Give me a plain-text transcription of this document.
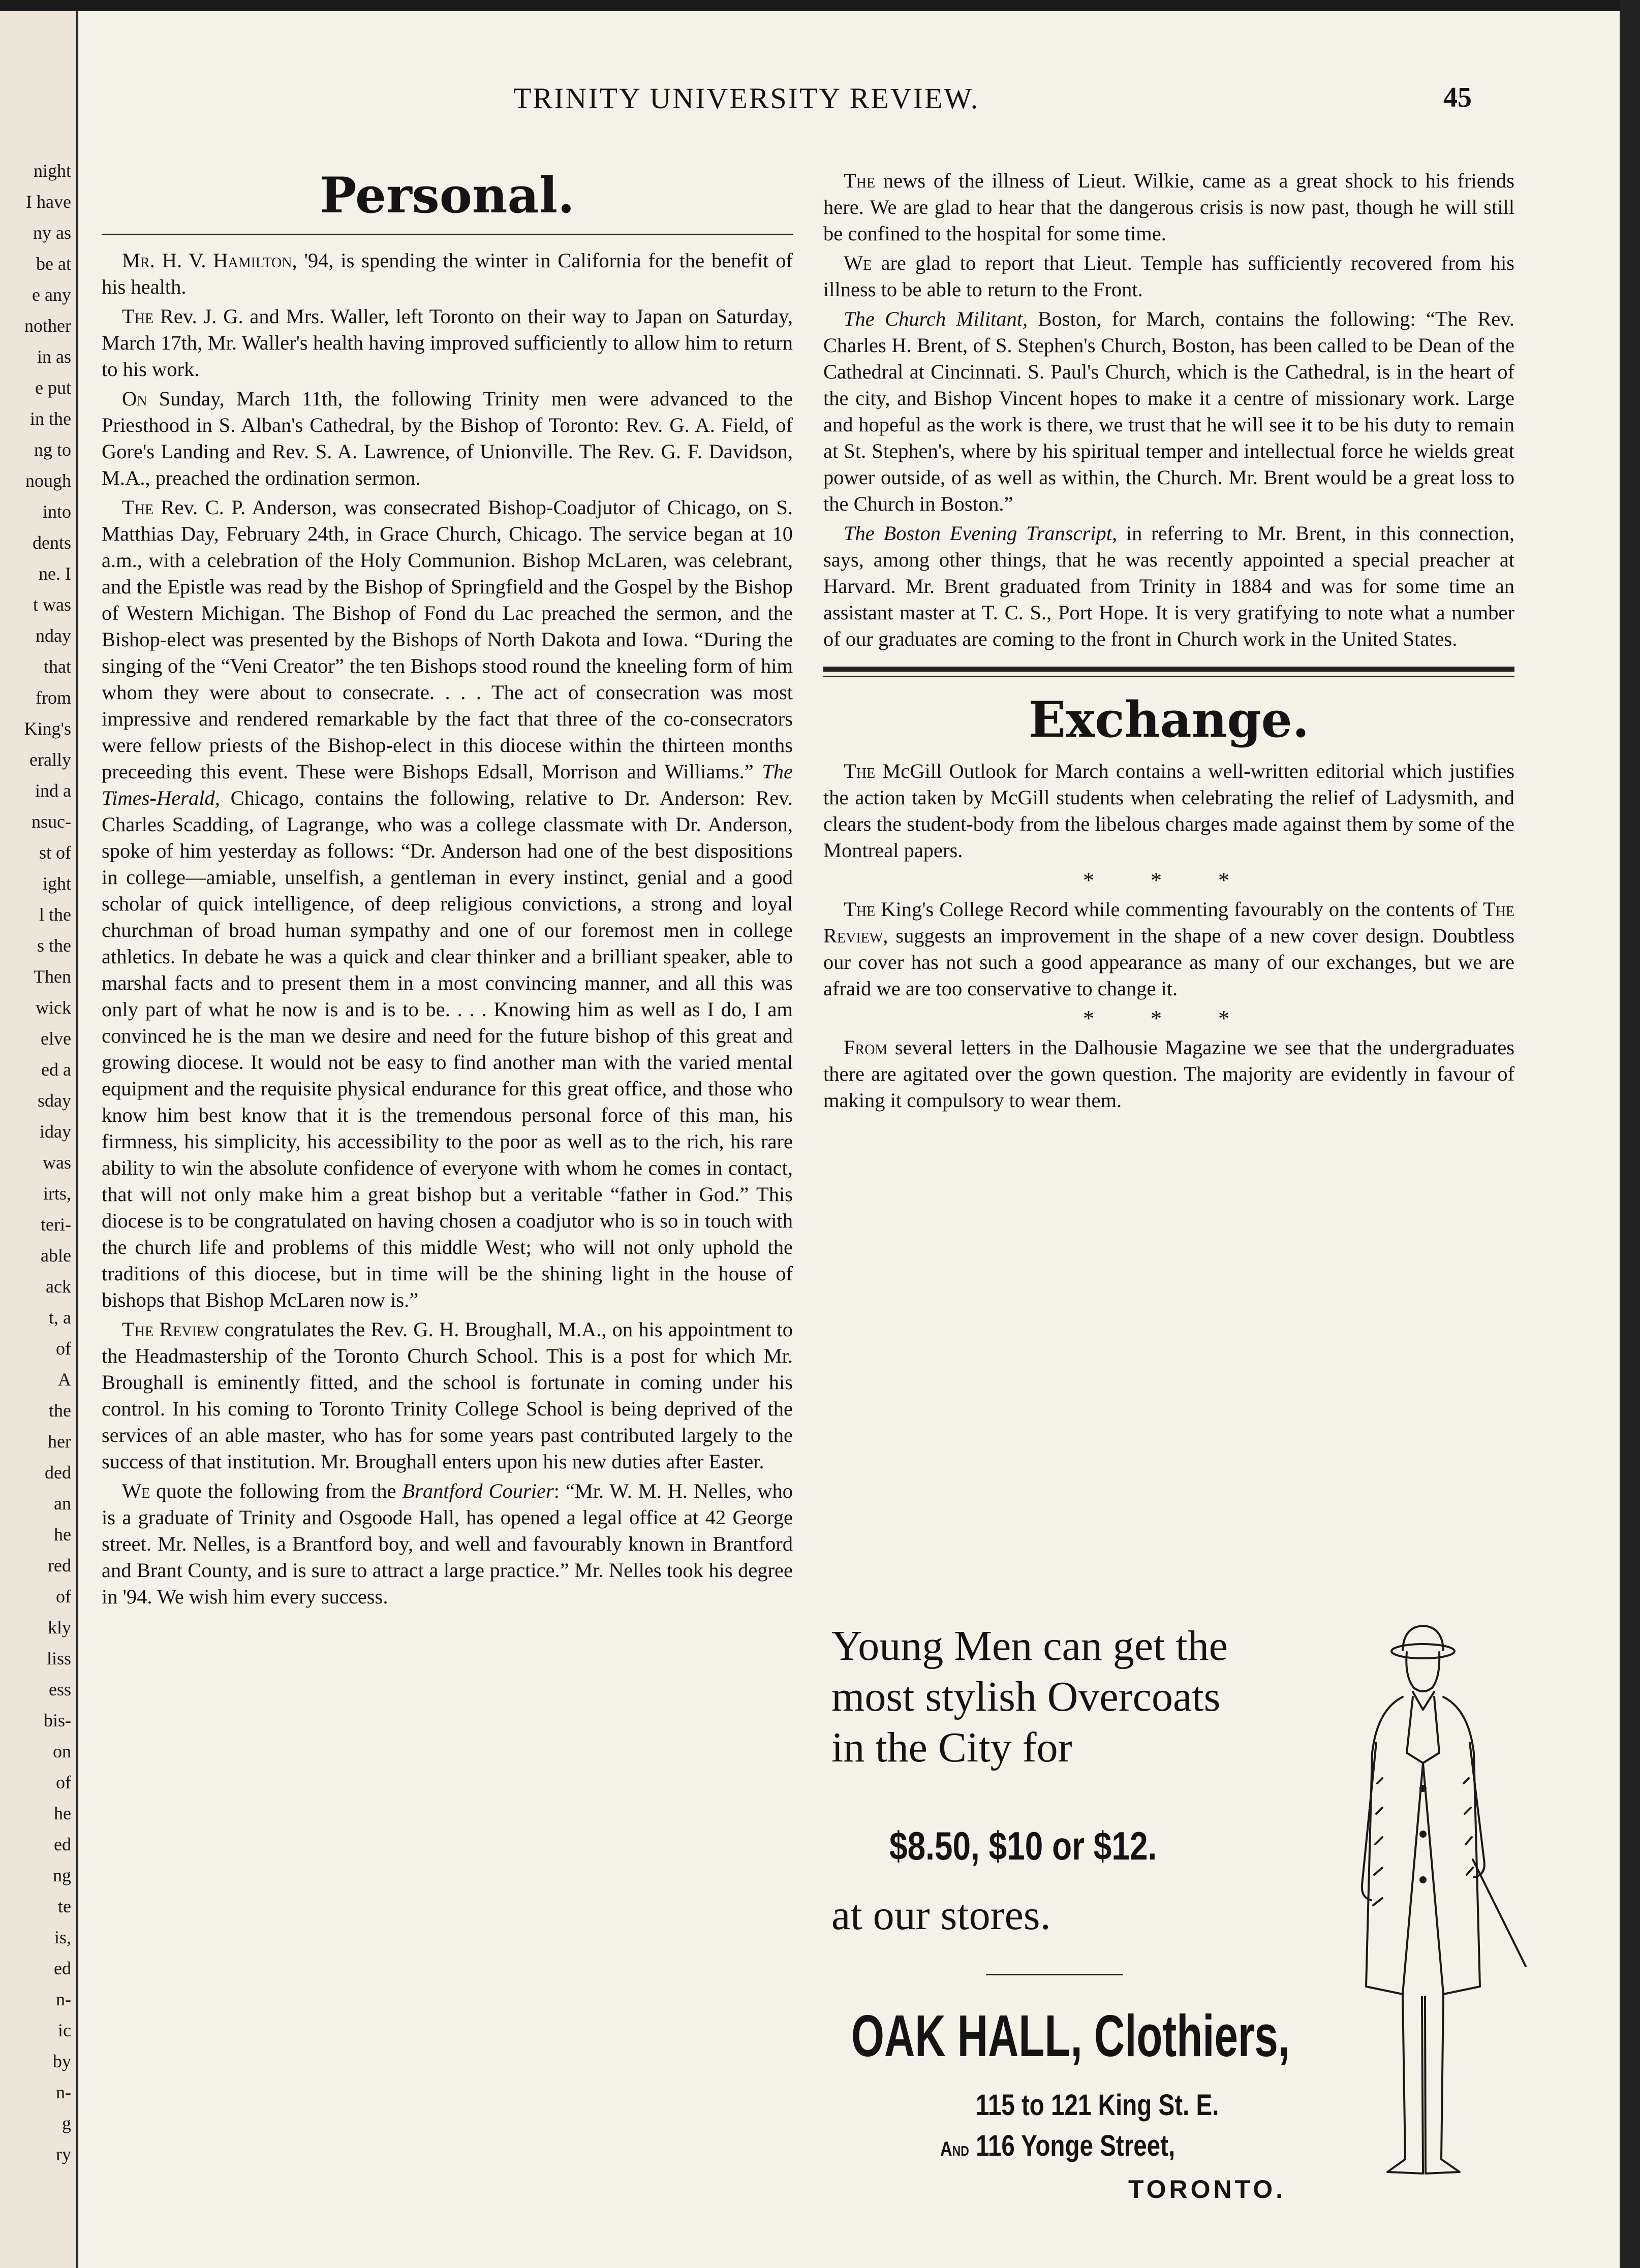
night
I have
ny as
be at
e any
nother
in as
e put
in the
ng to
nough
into
dents
ne. I
t was
nday
that
from
King's
erally
ind a
nsuc-
st of
ight
l the
s the
Then
wick
elve
ed a
sday
iday
was
irts,
teri-
able
ack
t, a
of
A
the
her
ded
an
he
red
of
kly
liss
ess
bis-
on
of
he
ed
ng
te
is,
ed
n-
ic
by
n-
g
ry
TRINITY UNIVERSITY REVIEW.	45
Personal.

Mr. H. V. Hamilton, '94, is spending the winter in California for the benefit of his health.

The Rev. J. G. and Mrs. Waller, left Toronto on their way to Japan on Saturday, March 17th, Mr. Waller's health having improved sufficiently to allow him to return to his work.

On Sunday, March 11th, the following Trinity men were advanced to the Priesthood in S. Alban's Cathedral, by the Bishop of Toronto: Rev. G. A. Field, of Gore's Landing and Rev. S. A. Lawrence, of Unionville. The Rev. G. F. Davidson, M.A., preached the ordination sermon.

The Rev. C. P. Anderson, was consecrated Bishop-Coadjutor of Chicago, on S. Matthias Day, February 24th, in Grace Church, Chicago. The service began at 10 a.m., with a celebration of the Holy Communion. Bishop McLaren, was celebrant, and the Epistle was read by the Bishop of Springfield and the Gospel by the Bishop of Western Michigan. The Bishop of Fond du Lac preached the sermon, and the Bishop-elect was presented by the Bishops of North Dakota and Iowa. “During the singing of the “Veni Creator” the ten Bishops stood round the kneeling form of him whom they were about to consecrate. . . . The act of consecration was most impressive and rendered remarkable by the fact that three of the co-consecrators were fellow priests of the Bishop-elect in this diocese within the thirteen months preceeding this event. These were Bishops Edsall, Morrison and Williams.” The Times-Herald, Chicago, contains the following, relative to Dr. Anderson: Rev. Charles Scadding, of Lagrange, who was a college classmate with Dr. Anderson, spoke of him yesterday as follows: “Dr. Anderson had one of the best dispositions in college—amiable, unselfish, a gentleman in every instinct, genial and a good scholar of quick intelligence, of deep religious convictions, a strong and loyal churchman of broad human sympathy and one of our foremost men in college athletics. In debate he was a quick and clear thinker and a brilliant speaker, able to marshal facts and to present them in a most convincing manner, and all this was only part of what he now is and is to be. . . . Knowing him as well as I do, I am convinced he is the man we desire and need for the future bishop of this great and growing diocese. It would not be easy to find another man with the varied mental equipment and the requisite physical endurance for this great office, and those who know him best know that it is the tremendous personal force of this man, his firmness, his simplicity, his accessibility to the poor as well as to the rich, his rare ability to win the absolute confidence of everyone with whom he comes in contact, that will not only make him a great bishop but a veritable “father in God.” This diocese is to be congratulated on having chosen a coadjutor who is so in touch with the church life and problems of this middle West; who will not only uphold the traditions of this diocese, but in time will be the shining light in the house of bishops that Bishop McLaren now is.”

The Review congratulates the Rev. G. H. Broughall, M.A., on his appointment to the Headmastership of the Toronto Church School. This is a post for which Mr. Broughall is eminently fitted, and the school is fortunate in coming under his control. In his coming to Toronto Trinity College School is being deprived of the services of an able master, who has for some years past contributed largely to the success of that institution. Mr. Broughall enters upon his new duties after Easter.

We quote the following from the Brantford Courier: “Mr. W. M. H. Nelles, who is a graduate of Trinity and Osgoode Hall, has opened a legal office at 42 George street. Mr. Nelles, is a Brantford boy, and well and favourably known in Brantford and Brant County, and is sure to attract a large practice.” Mr. Nelles took his degree in '94. We wish him every success.

The news of the illness of Lieut. Wilkie, came as a great shock to his friends here. We are glad to hear that the dangerous crisis is now past, though he will still be confined to the hospital for some time.

We are glad to report that Lieut. Temple has sufficiently recovered from his illness to be able to return to the Front.

The Church Militant, Boston, for March, contains the following: “The Rev. Charles H. Brent, of S. Stephen's Church, Boston, has been called to be Dean of the Cathedral at Cincinnati. S. Paul's Church, which is the Cathedral, is in the heart of the city, and Bishop Vincent hopes to make it a centre of missionary work. Large and hopeful as the work is there, we trust that he will see it to be his duty to remain at St. Stephen's, where by his spiritual temper and intellectual force he wields great power outside, of as well as within, the Church. Mr. Brent would be a great loss to the Church in Boston.”

The Boston Evening Transcript, in referring to Mr. Brent, in this connection, says, among other things, that he was recently appointed a special preacher at Harvard. Mr. Brent graduated from Trinity in 1884 and was for some time an assistant master at T. C. S., Port Hope. It is very gratifying to note what a number of our graduates are coming to the front in Church work in the United States.

Exchange.

The McGill Outlook for March contains a well-written editorial which justifies the action taken by McGill students when celebrating the relief of Ladysmith, and clears the student-body from the libelous charges made against them by some of the Montreal papers.

* * *

The King's College Record while commenting favourably on the contents of The Review, suggests an improvement in the shape of a new cover design. Doubtless our cover has not such a good appearance as many of our exchanges, but we are afraid we are too conservative to change it.

* * *

From several letters in the Dalhousie Magazine we see that the undergraduates there are agitated over the gown question. The majority are evidently in favour of making it compulsory to wear them.

Young Men can get the
most stylish Overcoats
in the City for
$8.50, $10 or $12.
at our stores.
OAK HALL, Clothiers,
115 to 121 King St. E.
And 116 Yonge Street,
TORONTO.
